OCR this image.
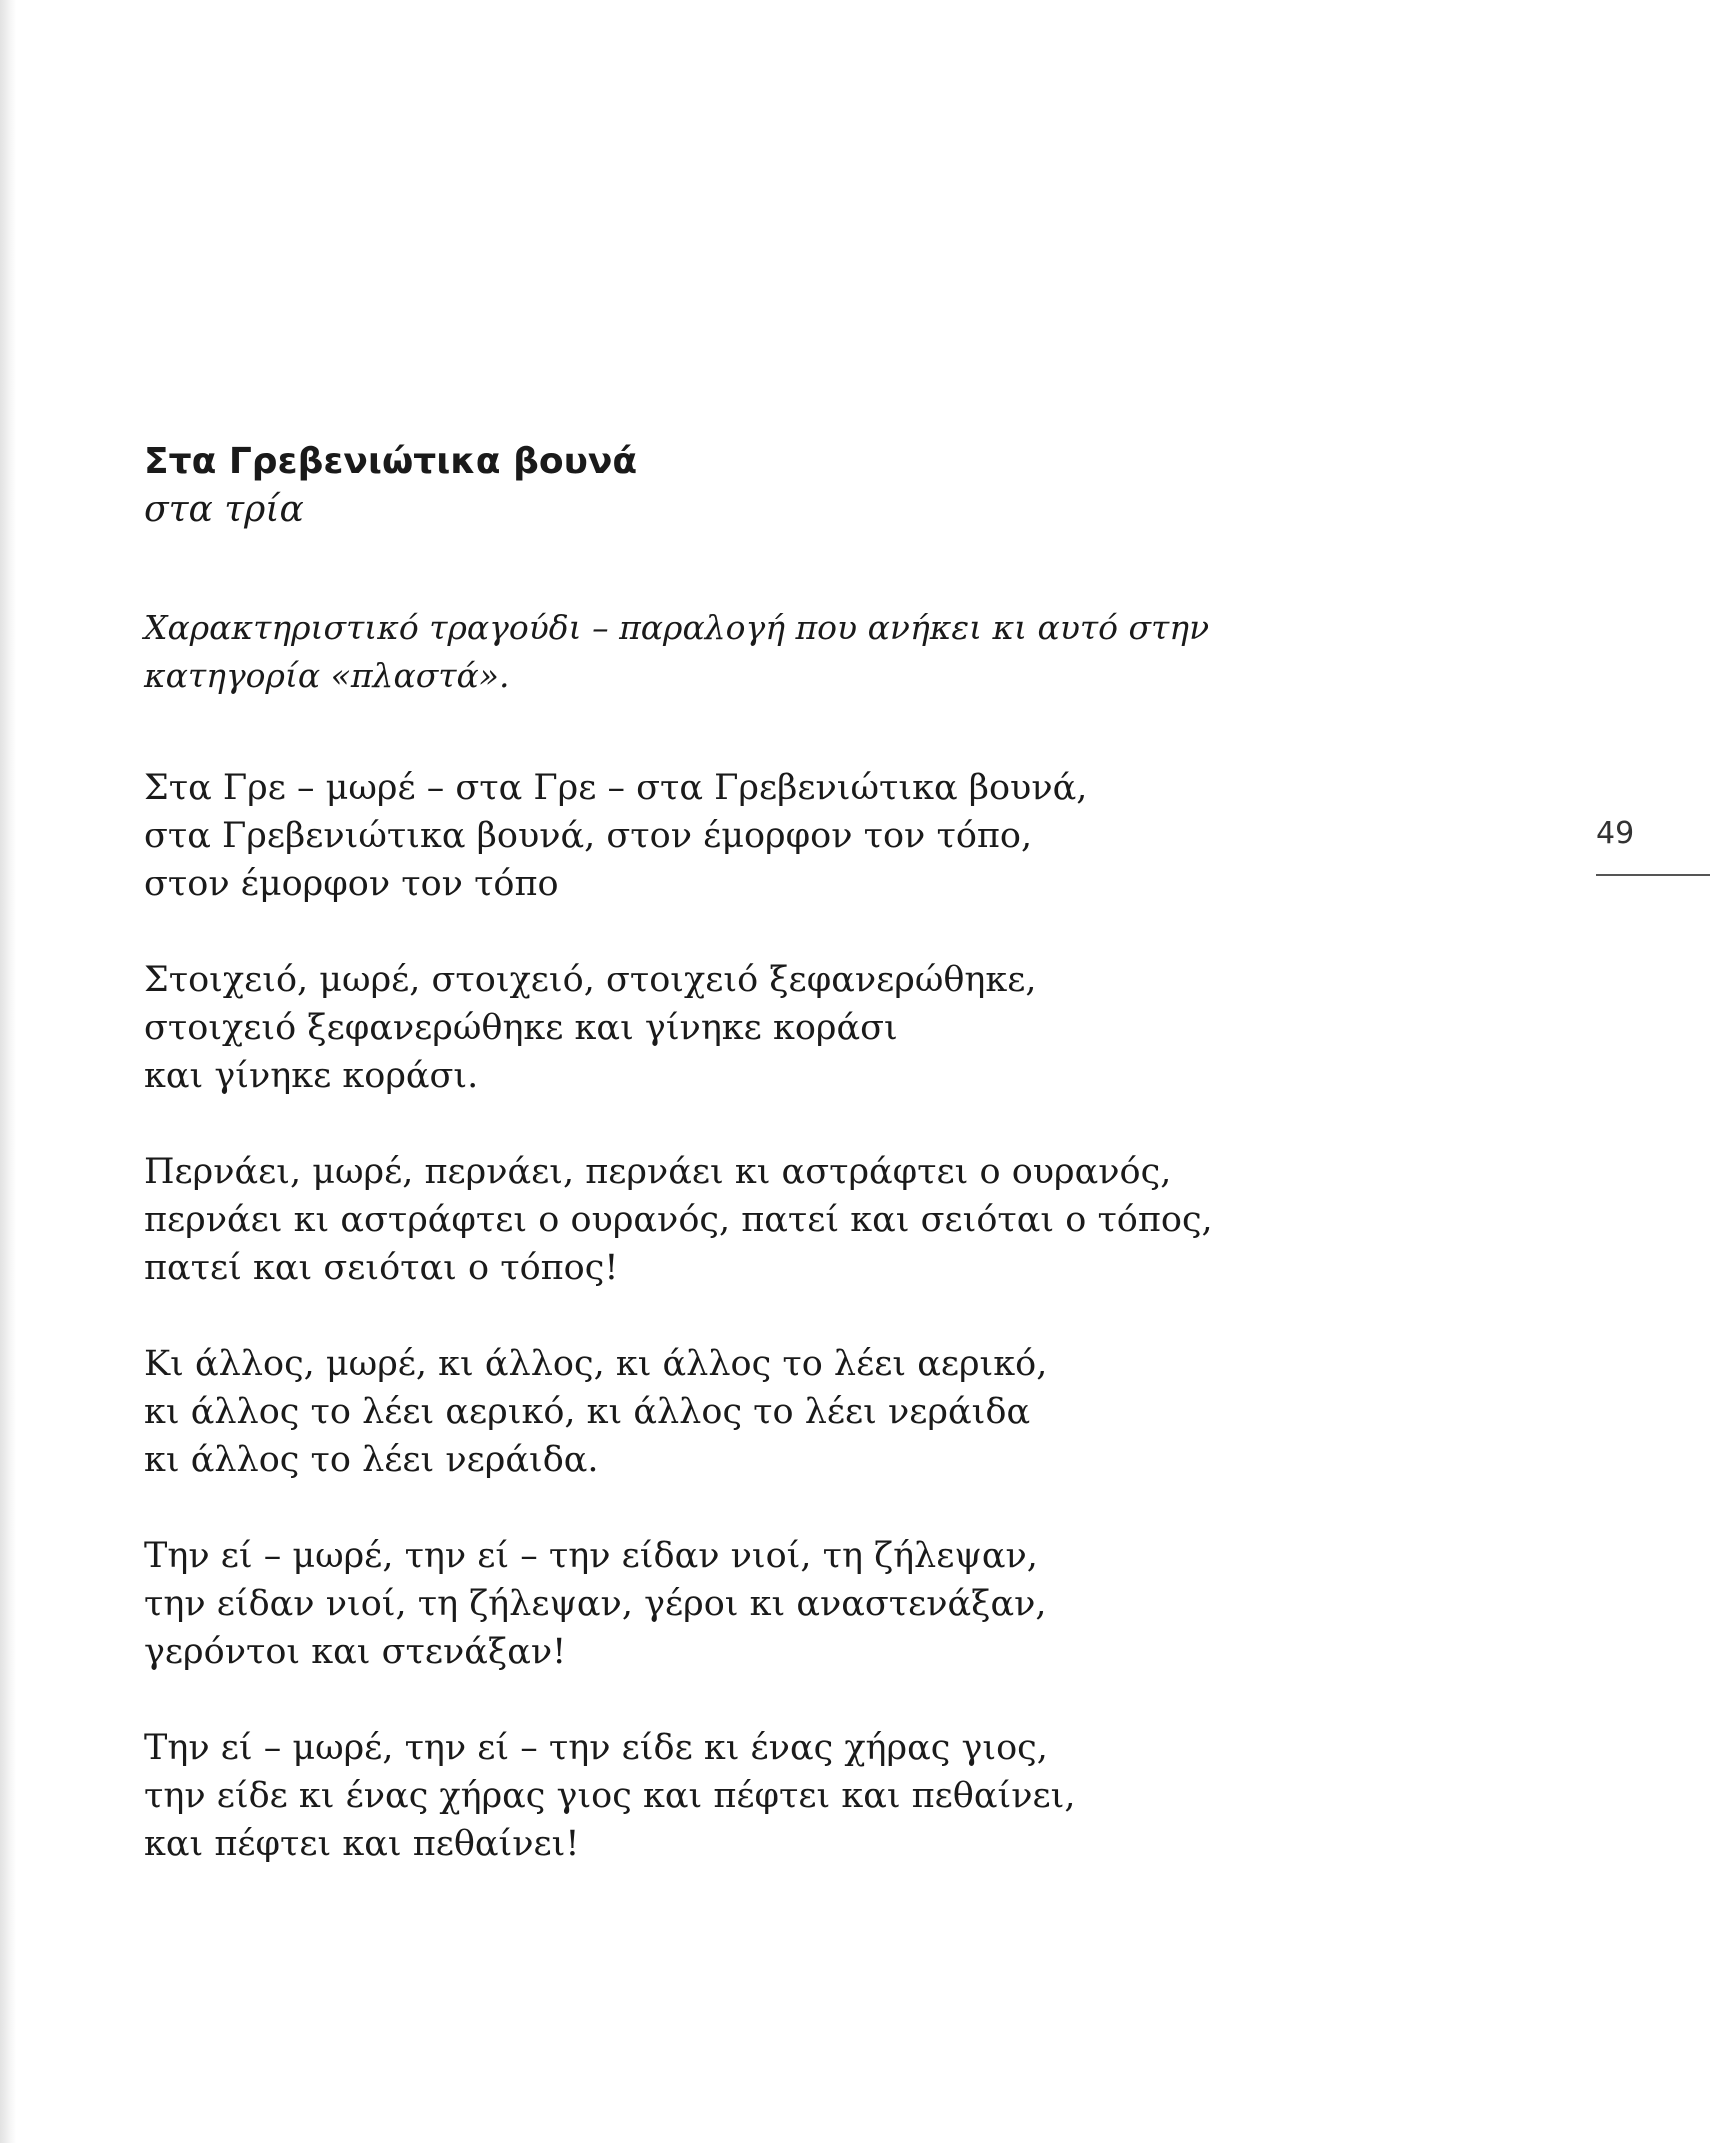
Στα Γρεβενιώτικα βουνά

στα τρία

Χαρακτηριστικό τραγούδι – παραλογή που ανήκει κι αυτό στην
κατηγορία «πλαστά».

Στα Γρε – μωρέ – στα Γρε – στα Γρεβενιώτικα βουνά,
στα Γρεβενιώτικα βουνά, στον έμορφον τον τόπο,
στον έμορφον τον τόπο
Στοιχειό, μωρέ, στοιχειό, στοιχειό ξεφανερώθηκε,
στοιχειό ξεφανερώθηκε και γίνηκε κοράσι
και γίνηκε κοράσι.
Περνάει, μωρέ, περνάει, περνάει κι αστράφτει ο ουρανός,
περνάει κι αστράφτει ο ουρανός, πατεί και σειόται ο τόπος,
πατεί και σειόται ο τόπος!
Κι άλλος, μωρέ, κι άλλος, κι άλλος το λέει αερικό,
κι άλλος το λέει αερικό, κι άλλος το λέει νεράιδα
κι άλλος το λέει νεράιδα.
Την εί – μωρέ, την εί – την είδαν νιοί, τη ζήλεψαν,
την είδαν νιοί, τη ζήλεψαν, γέροι κι αναστενάξαν,
γερόντοι και στενάξαν!
Την εί – μωρέ, την εί – την είδε κι ένας χήρας γιος,
την είδε κι ένας χήρας γιος και πέφτει και πεθαίνει,
και πέφτει και πεθαίνει!
49
